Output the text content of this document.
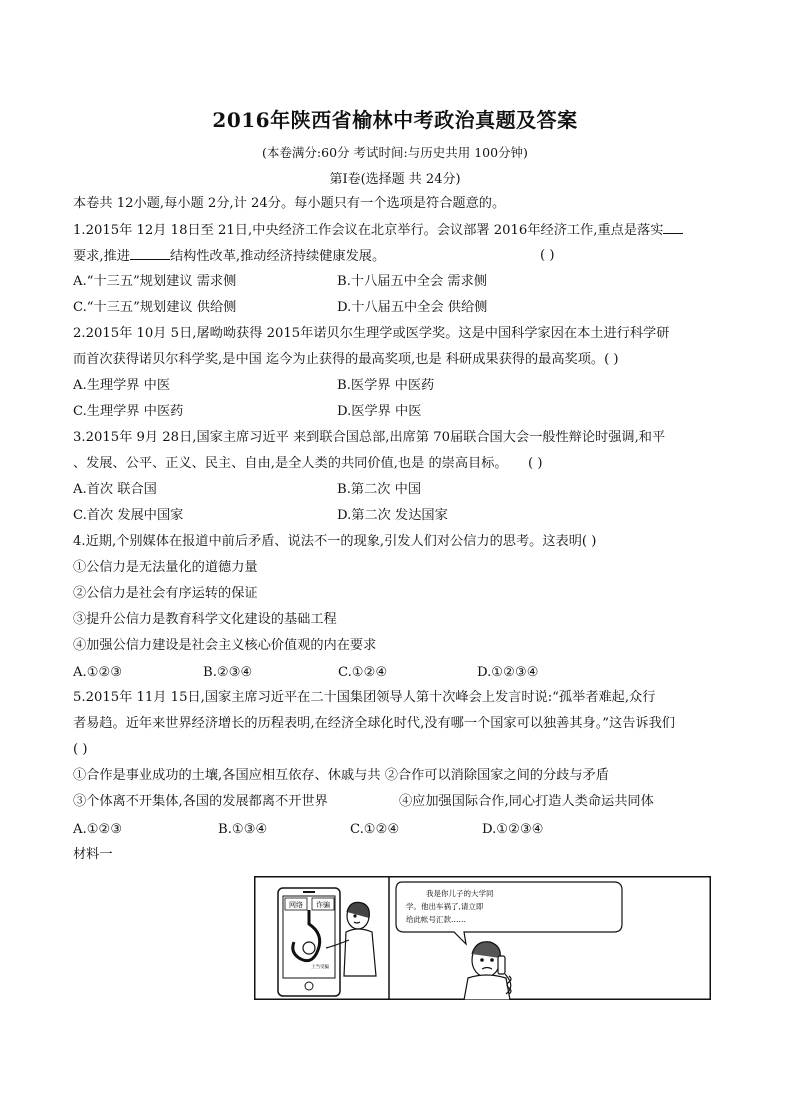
2016年陕西省榆林中考政治真题及答案
(本卷满分:60分 考试时间:与历史共用 100分钟)
第Ⅰ卷(选择题 共 24分)
本卷共 12小题,每小题 2分,计 24分。每小题只有一个选项是符合题意的。
1.2015年 12月 18日至 21日,中央经济工作会议在北京举行。会议部署 2016年经济工作,重点是落实
要求,推进	结构性改革,推动经济持续健康发展。	( )
A.“十三五”规划建议 需求侧	B.十八届五中全会 需求侧
C.“十三五”规划建议 供给侧	D.十八届五中全会 供给侧
2.2015年 10月 5日,屠呦呦获得 2015年诺贝尔生理学或医学奖。这是中国科学家因在本土进行科学研
而首次获得诺贝尔科学奖,是中国 迄今为止获得的最高奖项,也是 科研成果获得的最高奖项。( )
A.生理学界 中医	B.医学界 中医药
C.生理学界 中医药	D.医学界 中医
3.2015年 9月 28日,国家主席习近平 来到联合国总部,出席第 70届联合国大会一般性辩论时强调,和平
、发展、公平、正义、民主、自由,是全人类的共同价值,也是 的崇高目标。 ( )
A.首次 联合国	B.第二次 中国
C.首次 发展中国家	D.第二次 发达国家
4.近期,个别媒体在报道中前后矛盾、说法不一的现象,引发人们对公信力的思考。这表明( )
①公信力是无法量化的道德力量
②公信力是社会有序运转的保证
③提升公信力是教育科学文化建设的基础工程
④加强公信力建设是社会主义核心价值观的内在要求
A.①②③	B.②③④	C.①②④	D.①②③④
5.2015年 11月 15日,国家主席习近平在二十国集团领导人第十次峰会上发言时说:“孤举者难起,众行
者易趋。近年来世界经济增长的历程表明,在经济全球化时代,没有哪一个国家可以独善其身。”这告诉我们
( )
①合作是事业成功的土壤,各国应相互依存、休戚与共 ②合作可以消除国家之间的分歧与矛盾
③个体离不开集体,各国的发展都离不开世界	④应加强国际合作,同心打造人类命运共同体
A.①②③	B.①③④	C.①②④	D.①②③④
材料一
网络 诈骗
上当受骗
我是你儿子的大学同
学。他出车祸了,请立即
给此帐号汇款……
